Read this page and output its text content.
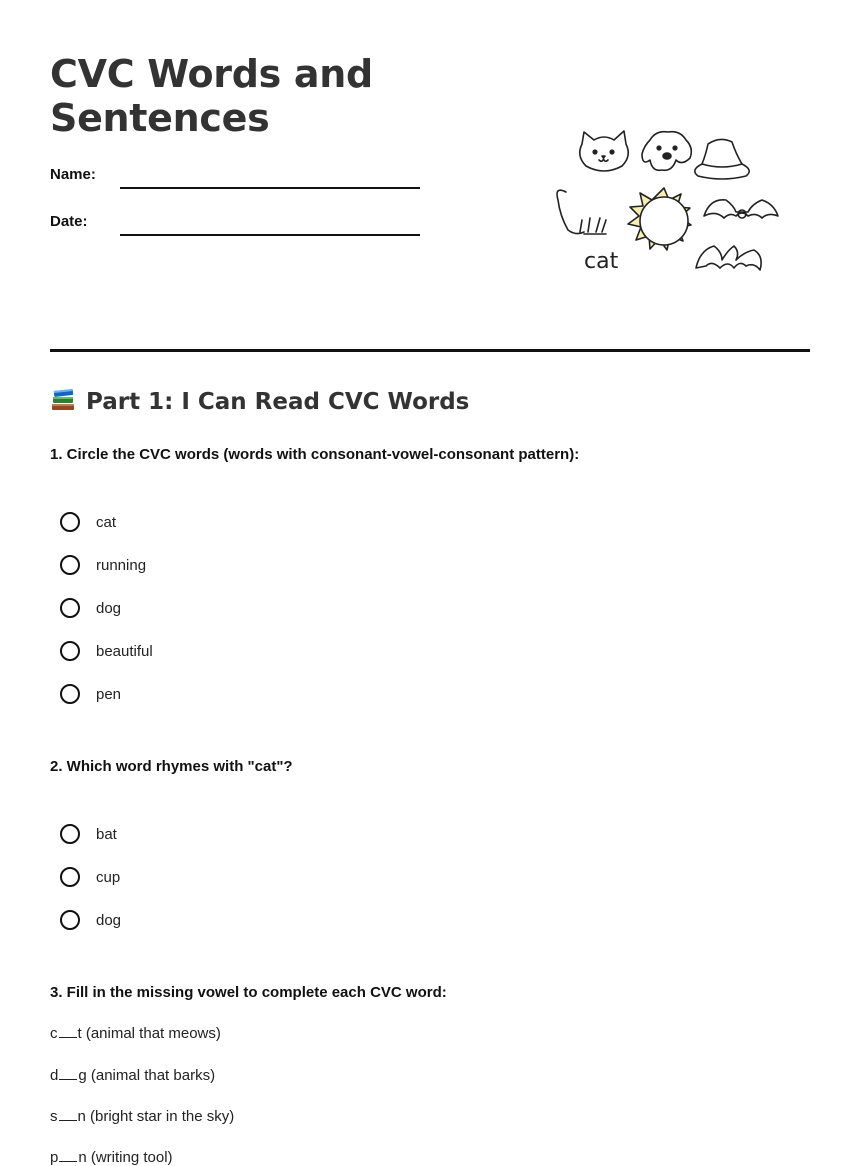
CVC Words and Sentences
Name:
Date:
cat
Part 1: I Can Read CVC Words
1. Circle the CVC words (words with consonant-vowel-consonant pattern):
cat
running
dog
beautiful
pen
2. Which word rhymes with "cat"?
bat
cup
dog
3. Fill in the missing vowel to complete each CVC word:
c t (animal that meows)
d g (animal that barks)
s n (bright star in the sky)
p n (writing tool)
